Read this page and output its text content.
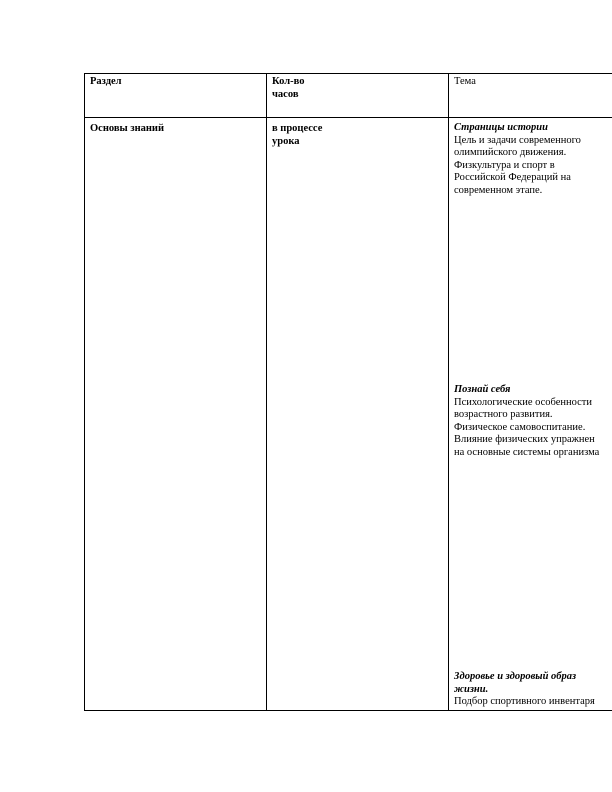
Раздел	Кол-во
часов
Тема
Основы знаний	в процессе
урока
Страницы истории
Цель и задачи современного
олимпийского движения.
Физкультура и спорт в
Российской Федераций на
современном этапе.
Познай себя
Психологические особенности
возрастного развития.
Физическое самовоспитание.
Влияние физических упражнен
на основные системы организма
Здоровье и здоровый образ
жизни.
Подбор спортивного инвентаря
